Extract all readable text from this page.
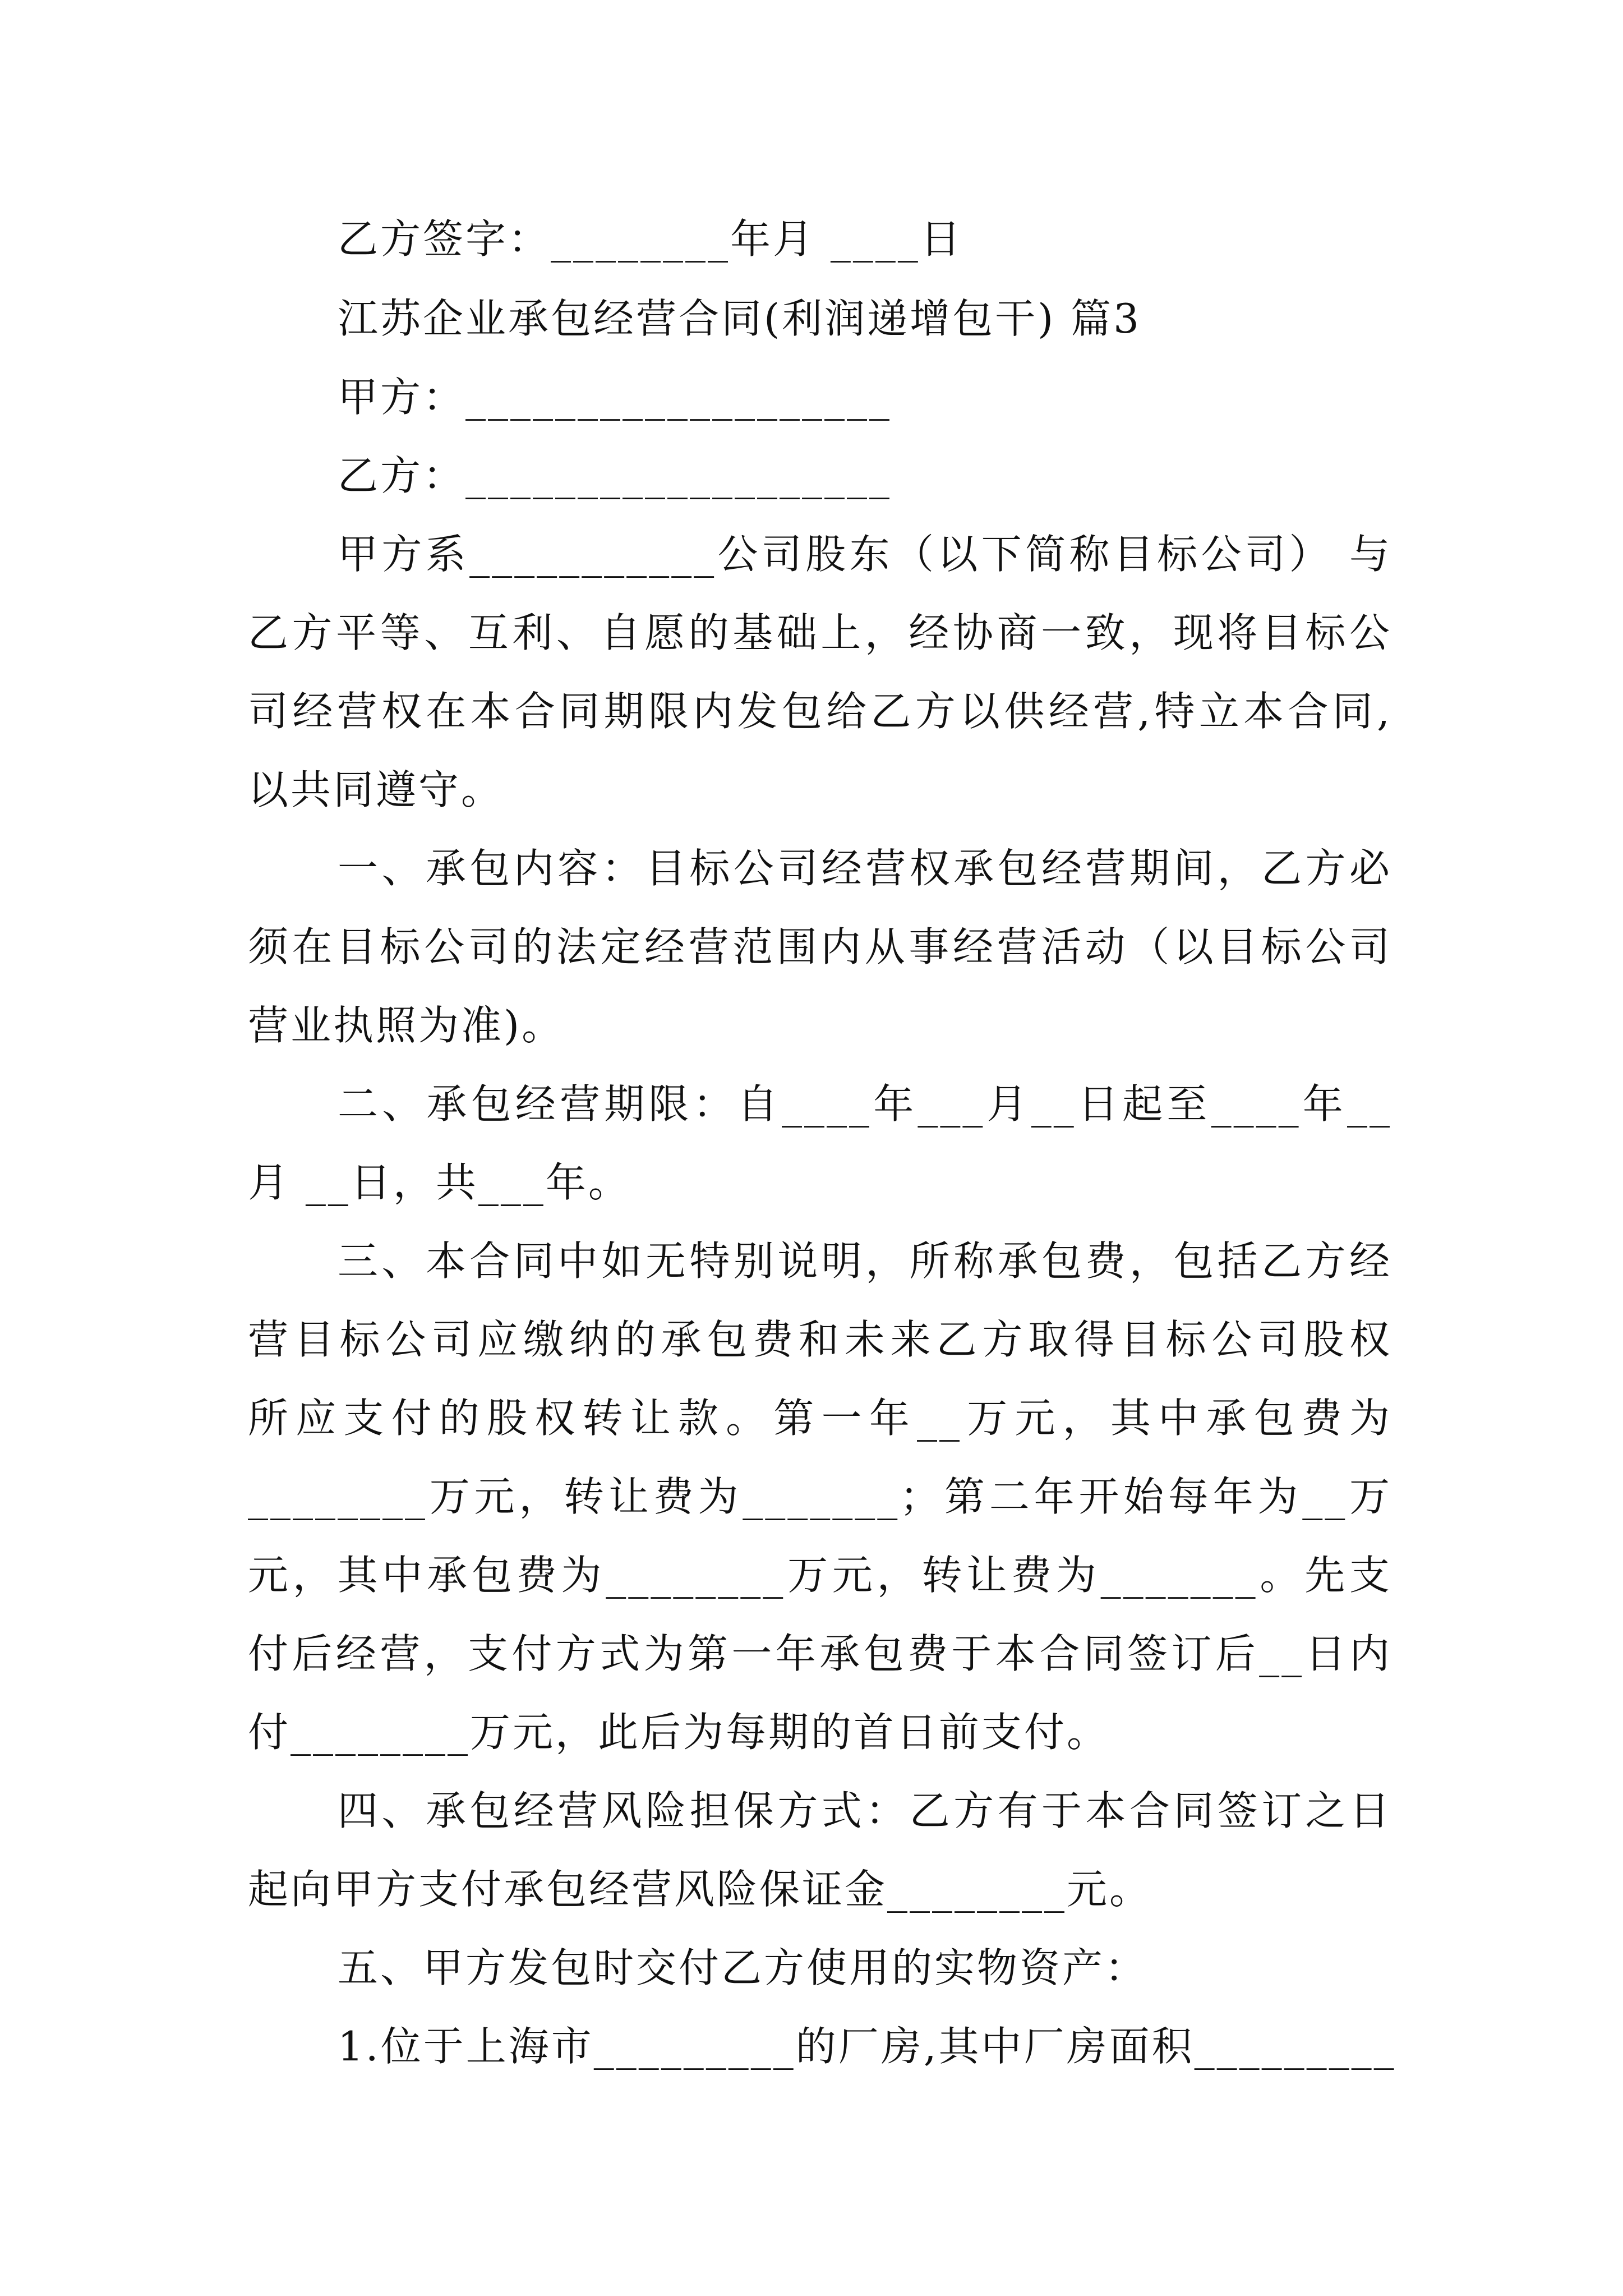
乙方签字：________年月 ____日
江苏企业承包经营合同(利润递增包干) 篇3
甲方：___________________
乙方：___________________
甲方系___________公司股东（以下简称目标公司） 与
乙方平等、互利、自愿的基础上，经协商一致，现将目标公
司经营权在本合同期限内发包给乙方以供经营,特立本合同,
以共同遵守。
一、承包内容：目标公司经营权承包经营期间，乙方必
须在目标公司的法定经营范围内从事经营活动（以目标公司
营业执照为准)。
二、承包经营期限：自____年___月__日起至____年__
月 __日，共___年。
三、本合同中如无特别说明，所称承包费，包括乙方经
营目标公司应缴纳的承包费和未来乙方取得目标公司股权
所应支付的股权转让款。第一年__万元，其中承包费为
________万元，转让费为_______；第二年开始每年为__万
元，其中承包费为________万元，转让费为_______。先支
付后经营，支付方式为第一年承包费于本合同签订后__日内
付________万元，此后为每期的首日前支付。
四、承包经营风险担保方式：乙方有于本合同签订之日
起向甲方支付承包经营风险保证金________元。
五、甲方发包时交付乙方使用的实物资产：
1.位于上海市_________的厂房,其中厂房面积_________
